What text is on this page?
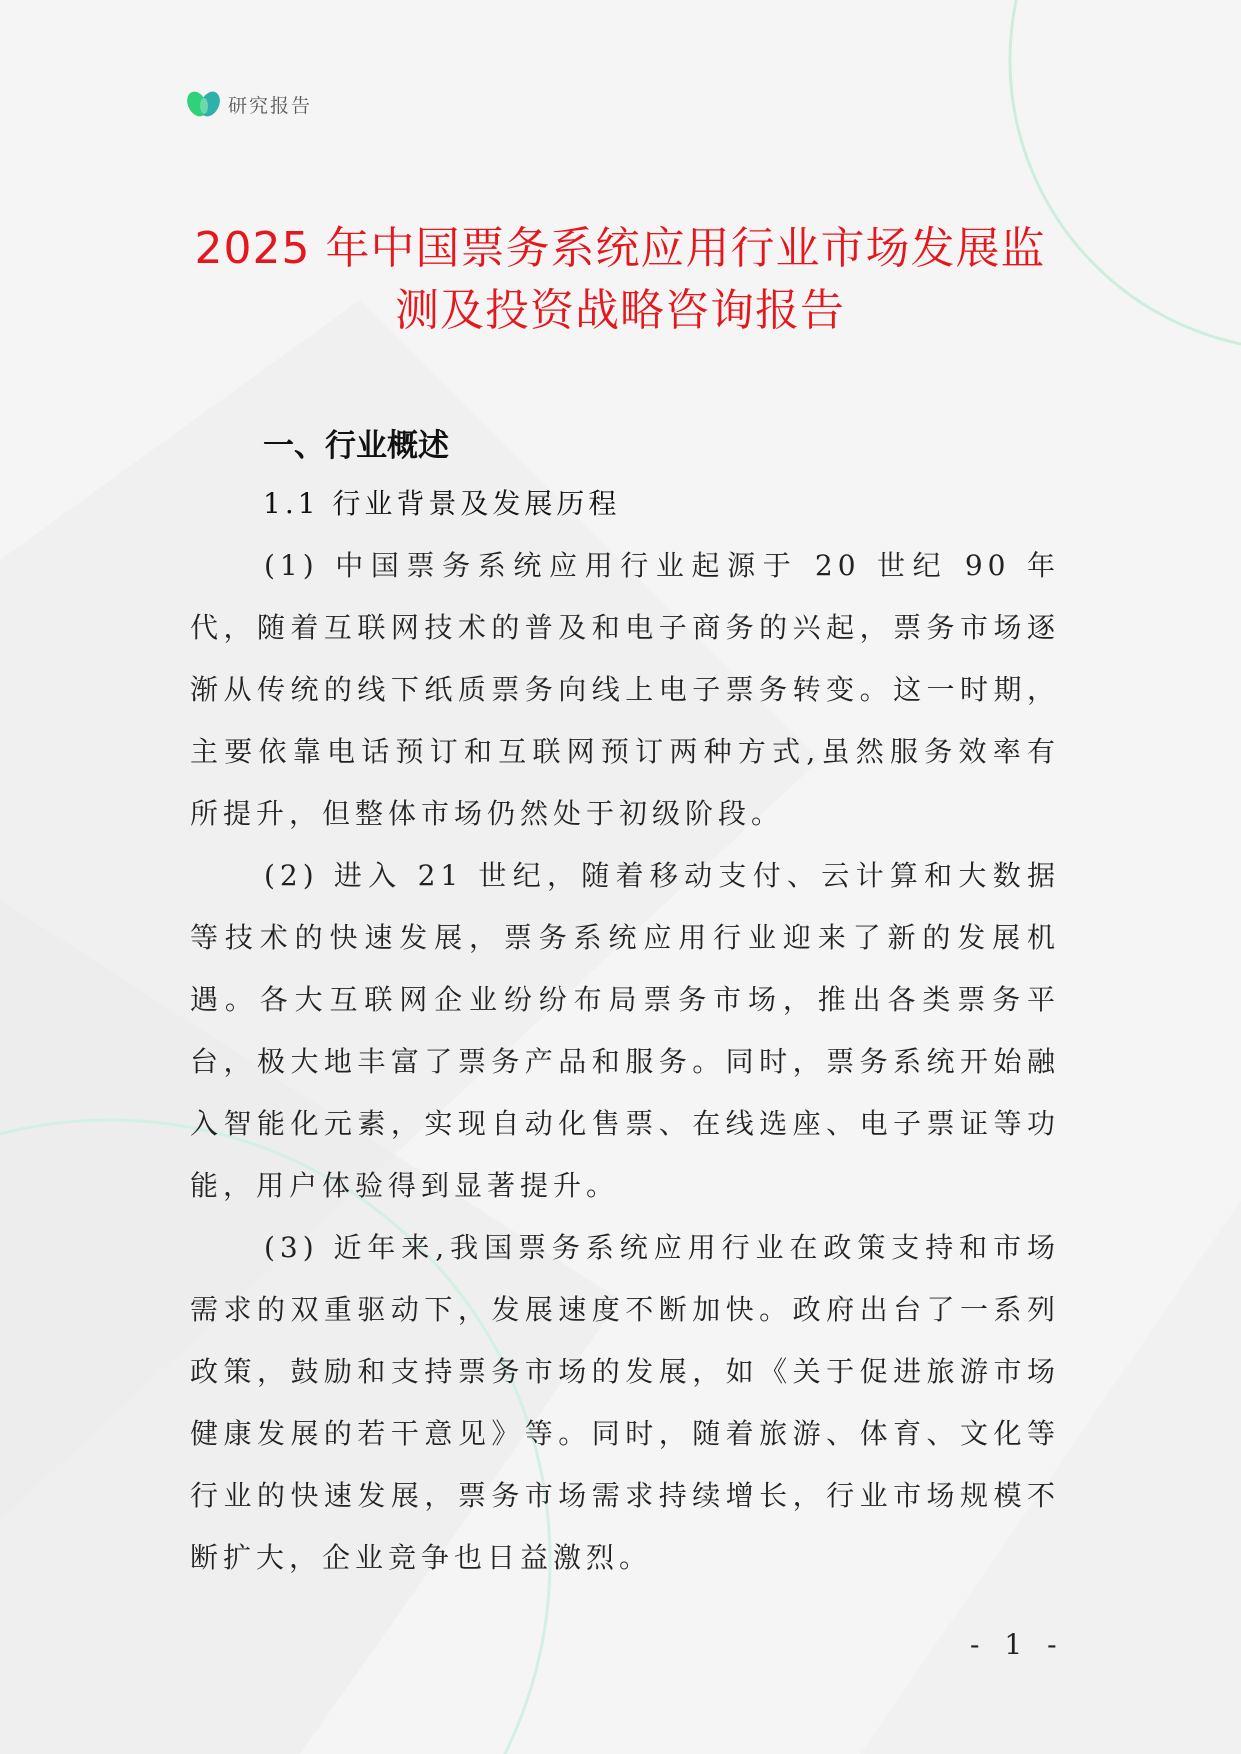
研究报告
2025 年中国票务系统应用行业市场发展监
测及投资战略咨询报告
一、行业概述
1.1 行业背景及发展历程

(1) 中国票务系统应用行业起源于 20 世纪 90 年代，随着互联网技术的普及和电子商务的兴起，票务市场逐渐从传统的线下纸质票务向线上电子票务转变。这一时期，主要依靠电话预订和互联网预订两种方式,虽然服务效率有所提升，但整体市场仍然处于初级阶段。

(2) 进入 21 世纪，随着移动支付、云计算和大数据等技术的快速发展，票务系统应用行业迎来了新的发展机遇。各大互联网企业纷纷布局票务市场，推出各类票务平台，极大地丰富了票务产品和服务。同时，票务系统开始融入智能化元素，实现自动化售票、在线选座、电子票证等功能，用户体验得到显著提升。

(3) 近年来,我国票务系统应用行业在政策支持和市场需求的双重驱动下，发展速度不断加快。政府出台了一系列政策，鼓励和支持票务市场的发展，如《关于促进旅游市场健康发展的若干意见》等。同时，随着旅游、体育、文化等行业的快速发展，票务市场需求持续增长，行业市场规模不断扩大，企业竞争也日益激烈。

- 1 -
